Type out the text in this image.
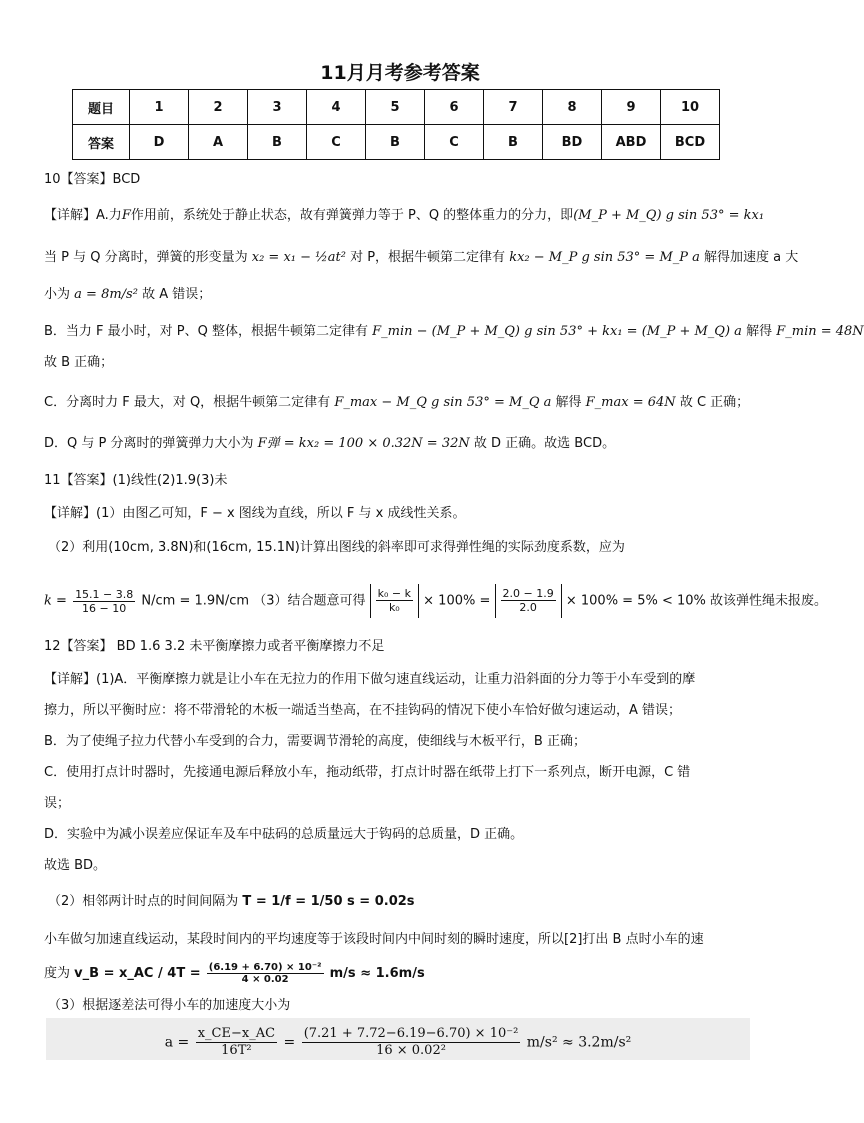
11月月考参考答案
题目	1	2	3	4	5	6	7	8	9	10
答案	D	A	B	C	B	C	B	BD	ABD	BCD
10【答案】BCD
【详解】A.力F作用前，系统处于静止状态，故有弹簧弹力等于 P、Q 的整体重力的分力，即(M_P + M_Q) g sin 53° = kx₁
当 P 与 Q 分离时，弹簧的形变量为 x₂ = x₁ − ½at² 对 P，根据牛顿第二定律有 kx₂ − M_P g sin 53° = M_P a 解得加速度 a 大
小为 a = 8m/s² 故 A 错误；
B．当力 F 最小时，对 P、Q 整体，根据牛顿第二定律有 F_min − (M_P + M_Q) g sin 53° + kx₁ = (M_P + M_Q) a 解得 F_min = 48N
故 B 正确；
C．分离时力 F 最大，对 Q，根据牛顿第二定律有 F_max − M_Q g sin 53° = M_Q a 解得 F_max = 64N 故 C 正确；
D．Q 与 P 分离时的弹簧弹力大小为 F弹 = kx₂ = 100 × 0.32N = 32N 故 D 正确。故选 BCD。
11【答案】(1)线性(2)1.9(3)未
【详解】(1）由图乙可知，F − x 图线为直线，所以 F 与 x 成线性关系。
（2）利用(10cm, 3.8N)和(16cm, 15.1N)计算出图线的斜率即可求得弹性绳的实际劲度系数，应为
$k = \frac{15.1 - 3.8}{16 - 10} N/cm = 1.9N/cm$ （3）结合题意可得 $\frac{\text{k₀ − k}}{\text{k₀}} \times 100\% = \frac{2.0 - 1.9}{2.0} \times 100\% = 5\% < 10\%$ 故该弹性绳未报废。
12【答案】 BD 1.6 3.2 未平衡摩擦力或者平衡摩擦力不足
【详解】(1)A．平衡摩擦力就是让小车在无拉力的作用下做匀速直线运动，让重力沿斜面的分力等于小车受到的摩
擦力，所以平衡时应：将不带滑轮的木板一端适当垫高，在不挂钩码的情况下使小车恰好做匀速运动，A 错误；
B．为了使绳子拉力代替小车受到的合力，需要调节滑轮的高度，使细线与木板平行，B 正确；
C．使用打点计时器时，先接通电源后释放小车，拖动纸带，打点计时器在纸带上打下一系列点，断开电源，C 错
误；
D．实验中为减小误差应保证车及车中砝码的总质量远大于钩码的总质量，D 正确。
故选 BD。
（2）相邻两计时点的时间间隔为 T = 1/f = 1/50 s = 0.02s
小车做匀加速直线运动，某段时间内的平均速度等于该段时间内中间时刻的瞬时速度，所以[2]打出 B 点时小车的速
度为 v_B = x_AC / $4T = \frac{\text{(6.19 + 6.70) × 10⁻²}}{4 \times 0.02} m/s \approx 1.6m/s$
（3）根据逐差法可得小车的加速度大小为
$a = \frac{x\_CE-x\_AC}{\text{16T²}} = \frac{\text{(7.21 + 7.72−6.19−6.70) × 10⁻²}}{\text{16 × 0.02²}} m/s^2 \approx 3.2m/s^2$
